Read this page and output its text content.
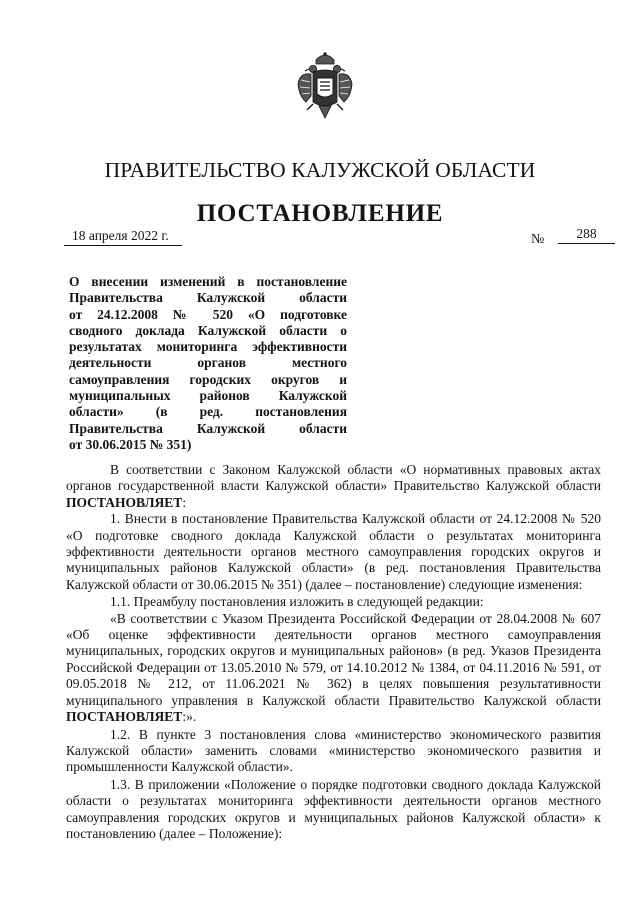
ПРАВИТЕЛЬСТВО КАЛУЖСКОЙ ОБЛАСТИ
ПОСТАНОВЛЕНИЕ
18 апреля 2022 г.	№	288
О внесении изменений в постановление
Правительства Калужской области
от 24.12.2008 № 520 «О подготовке
сводного доклада Калужской области о
результатах мониторинга эффективности
деятельности органов местного
самоуправления городских округов и
муниципальных районов Калужской
области» (в ред. постановления
Правительства Калужской области
от 30.06.2015 № 351)

В соответствии с Законом Калужской области «О нормативных правовых актах органов государственной власти Калужской области» Правительство Калужской области ПОСТАНОВЛЯЕТ:

1. Внести в постановление Правительства Калужской области от 24.12.2008 № 520 «О подготовке сводного доклада Калужской области о результатах мониторинга эффективности деятельности органов местного самоуправления городских округов и муниципальных районов Калужской области» (в ред. постановления Правительства Калужской области от 30.06.2015 № 351) (далее – постановление) следующие изменения:

1.1. Преамбулу постановления изложить в следующей редакции:

«В соответствии с Указом Президента Российской Федерации от 28.04.2008 № 607 «Об оценке эффективности деятельности органов местного самоуправления муниципальных, городских округов и муниципальных районов» (в ред. Указов Президента Российской Федерации от 13.05.2010 № 579, от 14.10.2012 № 1384, от 04.11.2016 № 591, от 09.05.2018 № 212, от 11.06.2021 № 362) в целях повышения результативности муниципального управления в Калужской области Правительство Калужской области ПОСТАНОВЛЯЕТ:».

1.2. В пункте 3 постановления слова «министерство экономического развития Калужской области» заменить словами «министерство экономического развития и промышленности Калужской области».

1.3. В приложении «Положение о порядке подготовки сводного доклада Калужской области о результатах мониторинга эффективности деятельности органов местного самоуправления городских округов и муниципальных районов Калужской области» к постановлению (далее – Положение):
